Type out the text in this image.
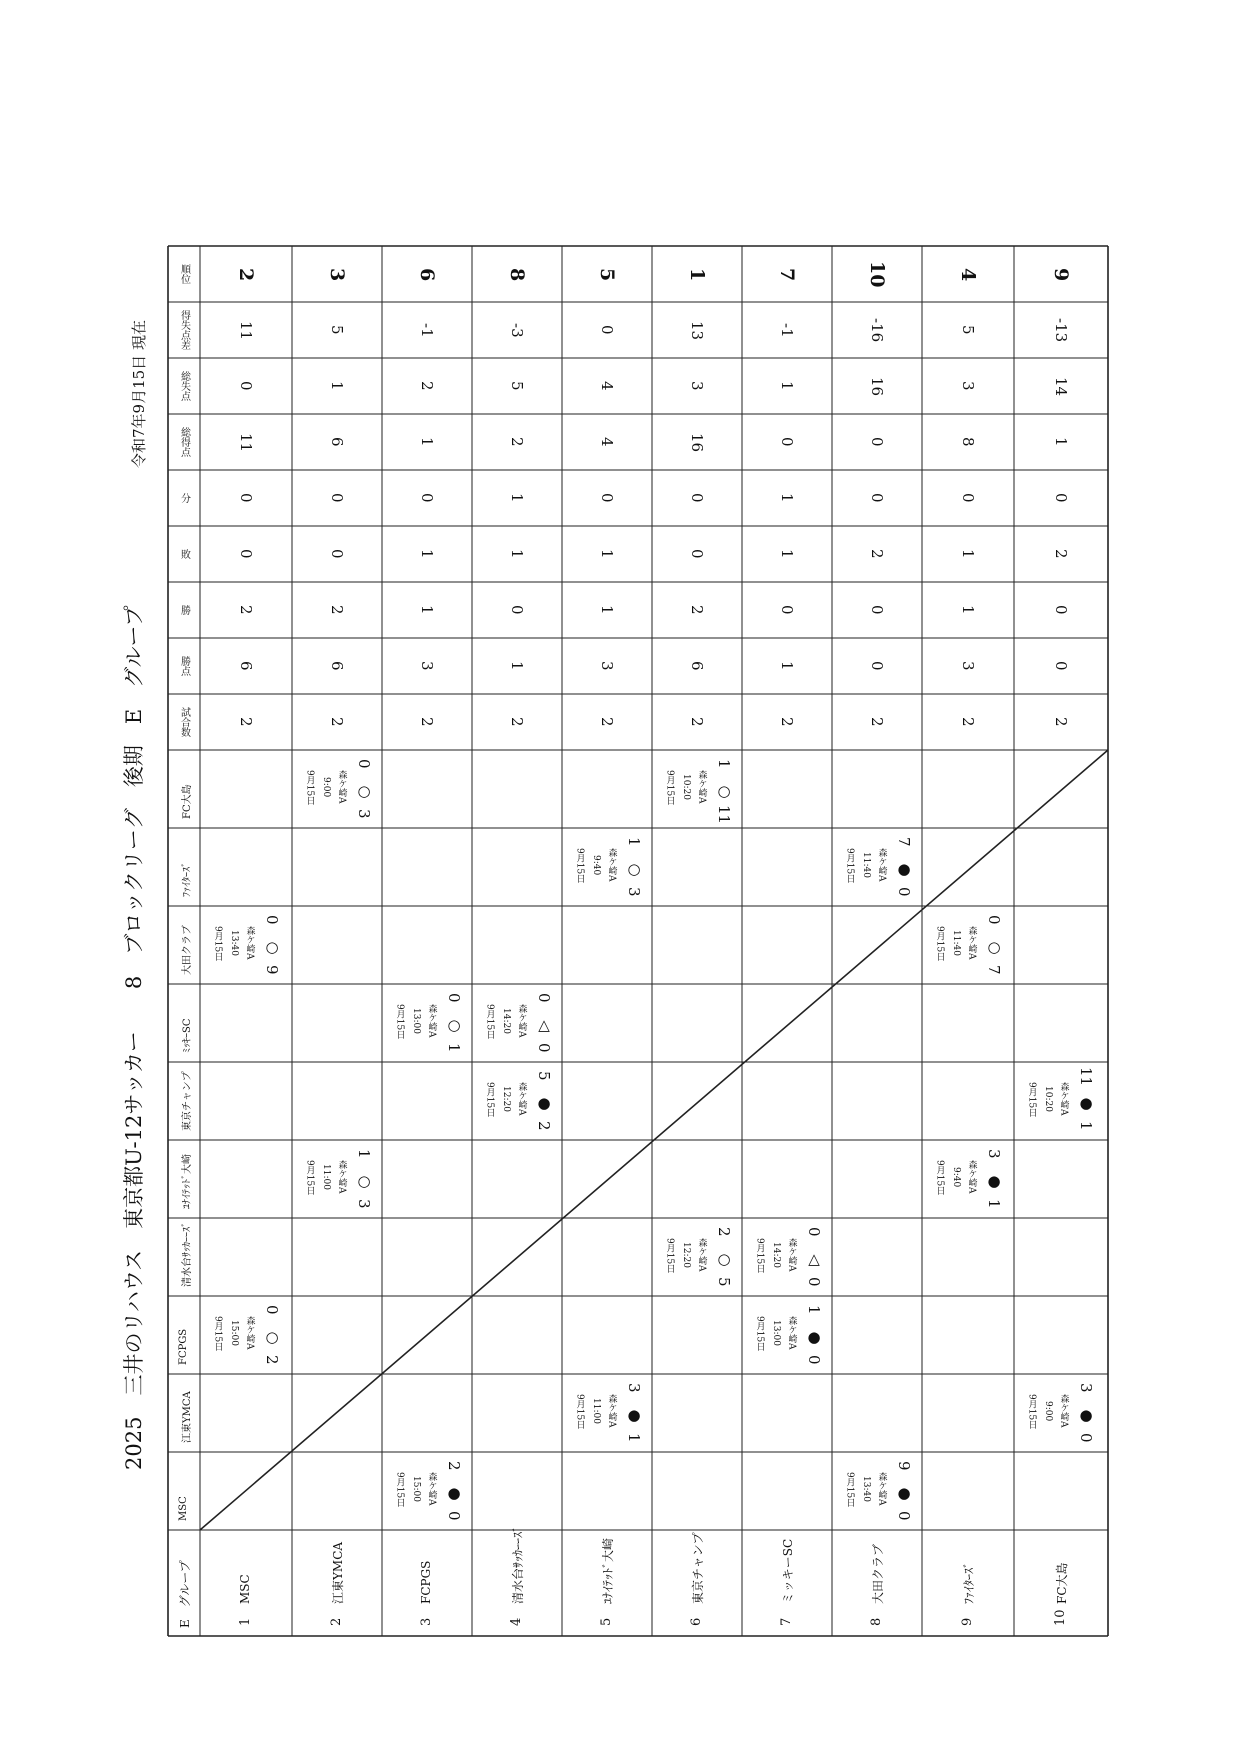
2025　三井のリハウス　東京都U-12サッカー　　8　ブロックリーグ　後期　E　グループ
令和7年9月15日 現在
順位
得失点差
総失点
総得点
分
敗
勝
勝点
試合数
MSC
江東YMCA
FCPGS
清水台ｻｯｶｰｰｽﾞ
ﾕﾅｲﾃｯﾄﾞ大崎
東京チャンプ
ﾐｯｷｰSC
大田クラブ
ﾌｧｲﾀｰｽﾞ
FC大島
E　グループ	1
MSC
2
11
0
11
0
0
2
6
2
2
江東YMCA
3
5
1
6
0
0
2
6
2
3
FCPGS
6
-1
2
1
0
1
1
3
2
4
清水台ｻｯｶｰｰｽﾞ
8
-3
5
2
1
1
0
1
2
5
ﾕﾅｲﾃｯﾄﾞ大崎
5
0
4
4
0
1
1
3
2
6
東京チャンプ
1
13
3
16
0
0
2
6
2
7
ミッキーSC
7
-1
1
0
1
1
0
1
2
8
大田クラブ
10
-16
16
0
0
2
0
0
2
9
ﾌｧｲﾀｰｽﾞ
4
5
3
8
0
1
1
3
2
10
FC大島
9
-13
14
1
0
2
0
0
2
9月15日 15:00 森ケ崎A
2
○
0
9月15日 13:40 森ケ崎A
9
○
0
9月15日 11:00 森ケ崎A
3
○
1
9月15日 9:00 森ケ崎A
3
○
0
9月15日 15:00 森ケ崎A
0
●
2
9月15日 13:00 森ケ崎A
1
○
0
9月15日 12:20 森ケ崎A
2
●
5
9月15日 14:20 森ケ崎A
0
△
0
9月15日 11:00 森ケ崎A
1
●
3
9月15日 9:40 森ケ崎A
3
○
1
9月15日 12:20 森ケ崎A
5
○
2
9月15日 10:20 森ケ崎A
11
○
1
9月15日 13:00 森ケ崎A
0
●
1
9月15日 14:20 森ケ崎A
0
△
0
9月15日 13:40 森ケ崎A
0
●
9
9月15日 11:40 森ケ崎A
0
●
7
9月15日 9:40 森ケ崎A
1
●
3
9月15日 11:40 森ケ崎A
7
○
0
9月15日 9:00 森ケ崎A
0
●
3
9月15日 10:20 森ケ崎A
1
●
11
